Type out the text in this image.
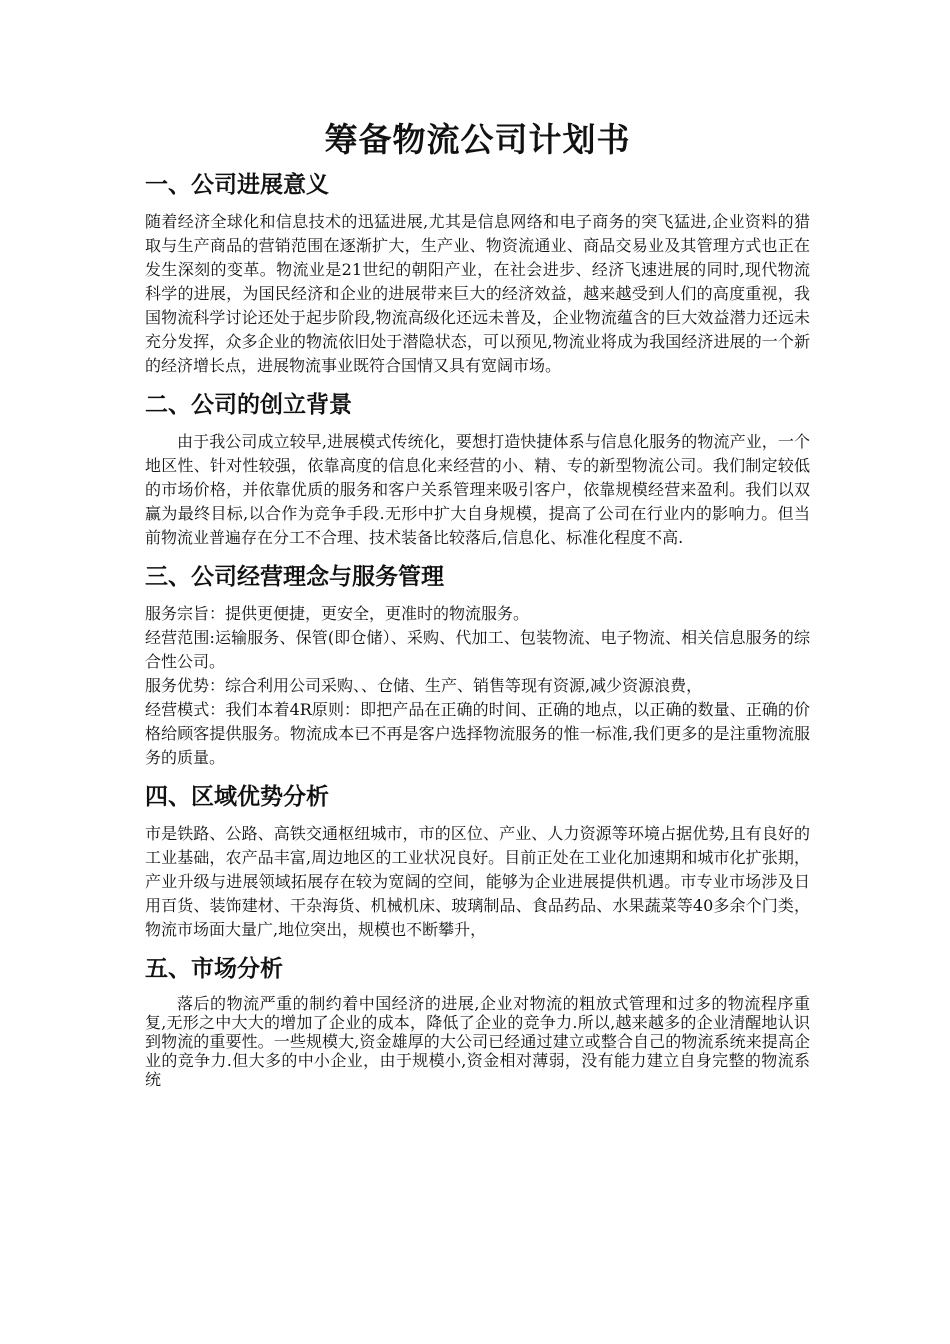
筹备物流公司计划书
一、公司进展意义

随着经济全球化和信息技术的迅猛进展,尤其是信息网络和电子商务的突飞猛进,企业资料的猎取与生产商品的营销范围在逐渐扩大，生产业、物资流通业、商品交易业及其管理方式也正在发生深刻的变革。物流业是21世纪的朝阳产业，在社会进步、经济飞速进展的同时,现代物流科学的进展，为国民经济和企业的进展带来巨大的经济效益，越来越受到人们的高度重视，我国物流科学讨论还处于起步阶段,物流高级化还远未普及，企业物流蕴含的巨大效益潜力还远未充分发挥，众多企业的物流依旧处于潜隐状态，可以预见,物流业将成为我国经济进展的一个新的经济增长点，进展物流事业既符合国情又具有宽阔市场。

二、公司的创立背景

由于我公司成立较早,进展模式传统化，要想打造快捷体系与信息化服务的物流产业，一个地区性、针对性较强，依靠高度的信息化来经营的小、精、专的新型物流公司。我们制定较低的市场价格，并依靠优质的服务和客户关系管理来吸引客户，依靠规模经营来盈利。我们以双赢为最终目标,以合作为竞争手段.无形中扩大自身规模，提高了公司在行业内的影响力。但当前物流业普遍存在分工不合理、技术装备比较落后,信息化、标准化程度不高.

三、公司经营理念与服务管理

服务宗旨：提供更便捷，更安全，更准时的物流服务。

经营范围:运输服务、保管(即仓储）、采购、代加工、包装物流、电子物流、相关信息服务的综合性公司。

服务优势：综合利用公司采购、、仓储、生产、销售等现有资源,减少资源浪费，

经营模式：我们本着4R原则：即把产品在正确的时间、正确的地点，以正确的数量、正确的价格给顾客提供服务。物流成本已不再是客户选择物流服务的惟一标准,我们更多的是注重物流服务的质量。

四、区域优势分析

市是铁路、公路、高铁交通枢纽城市，市的区位、产业、人力资源等环境占据优势,且有良好的工业基础，农产品丰富,周边地区的工业状况良好。目前正处在工业化加速期和城市化扩张期，产业升级与进展领域拓展存在较为宽阔的空间，能够为企业进展提供机遇。市专业市场涉及日用百货、装饰建材、干杂海货、机械机床、玻璃制品、食品药品、水果蔬菜等40多余个门类，物流市场面大量广,地位突出，规模也不断攀升，

五、市场分析

落后的物流严重的制约着中国经济的进展,企业对物流的粗放式管理和过多的物流程序重复,无形之中大大的增加了企业的成本，降低了企业的竞争力.所以,越来越多的企业清醒地认识到物流的重要性。一些规模大,资金雄厚的大公司已经通过建立或整合自己的物流系统来提高企业的竞争力.但大多的中小企业，由于规模小,资金相对薄弱，没有能力建立自身完整的物流系统
